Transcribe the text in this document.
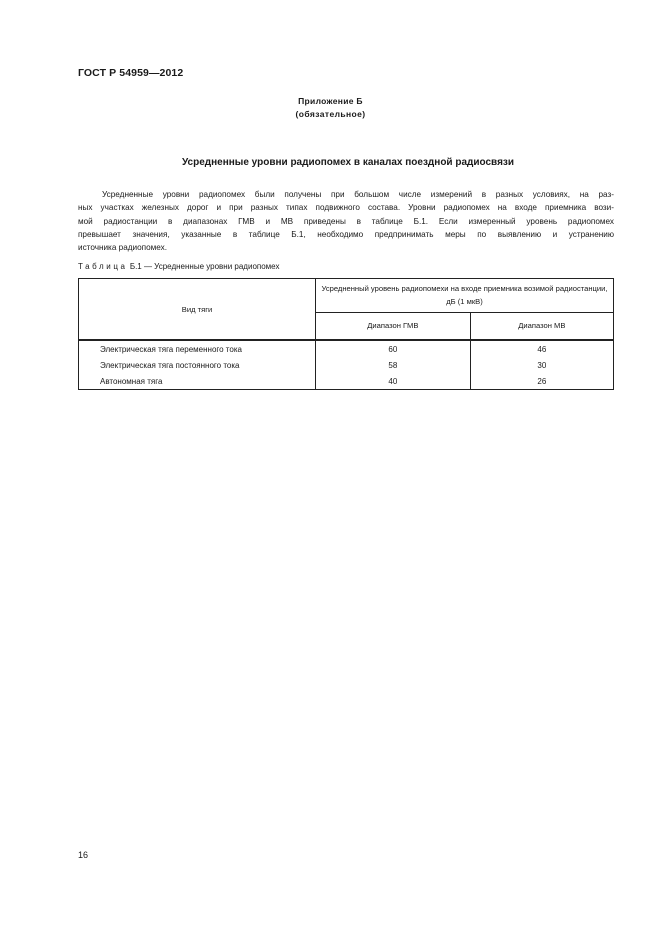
ГОСТ Р 54959—2012
Приложение Б
(обязательное)
Усредненные уровни радиопомех в каналах поездной радиосвязи
Усредненные уровни радиопомех были получены при большом числе измерений в разных условиях, на раз-
ных участках железных дорог и при разных типах подвижного состава. Уровни радиопомех на входе приемника вози-
мой радиостанции в диапазонах ГМВ и МВ приведены в таблице Б.1. Если измеренный уровень радиопомех
превышает значения, указанные в таблице Б.1, необходимо предпринимать меры по выявлению и устранению
источника радиопомех.
Таблица Б.1 — Усредненные уровни радиопомех
Вид тяги	Усредненный уровень радиопомехи на входе приемника возимой радиостанции, дБ (1 мкВ)	
	Диапазон ГМВ	Диапазон МВ
Электрическая тяга переменного тока	60	46
Электрическая тяга постоянного тока	58	30
Автономная тяга	40	26
16
